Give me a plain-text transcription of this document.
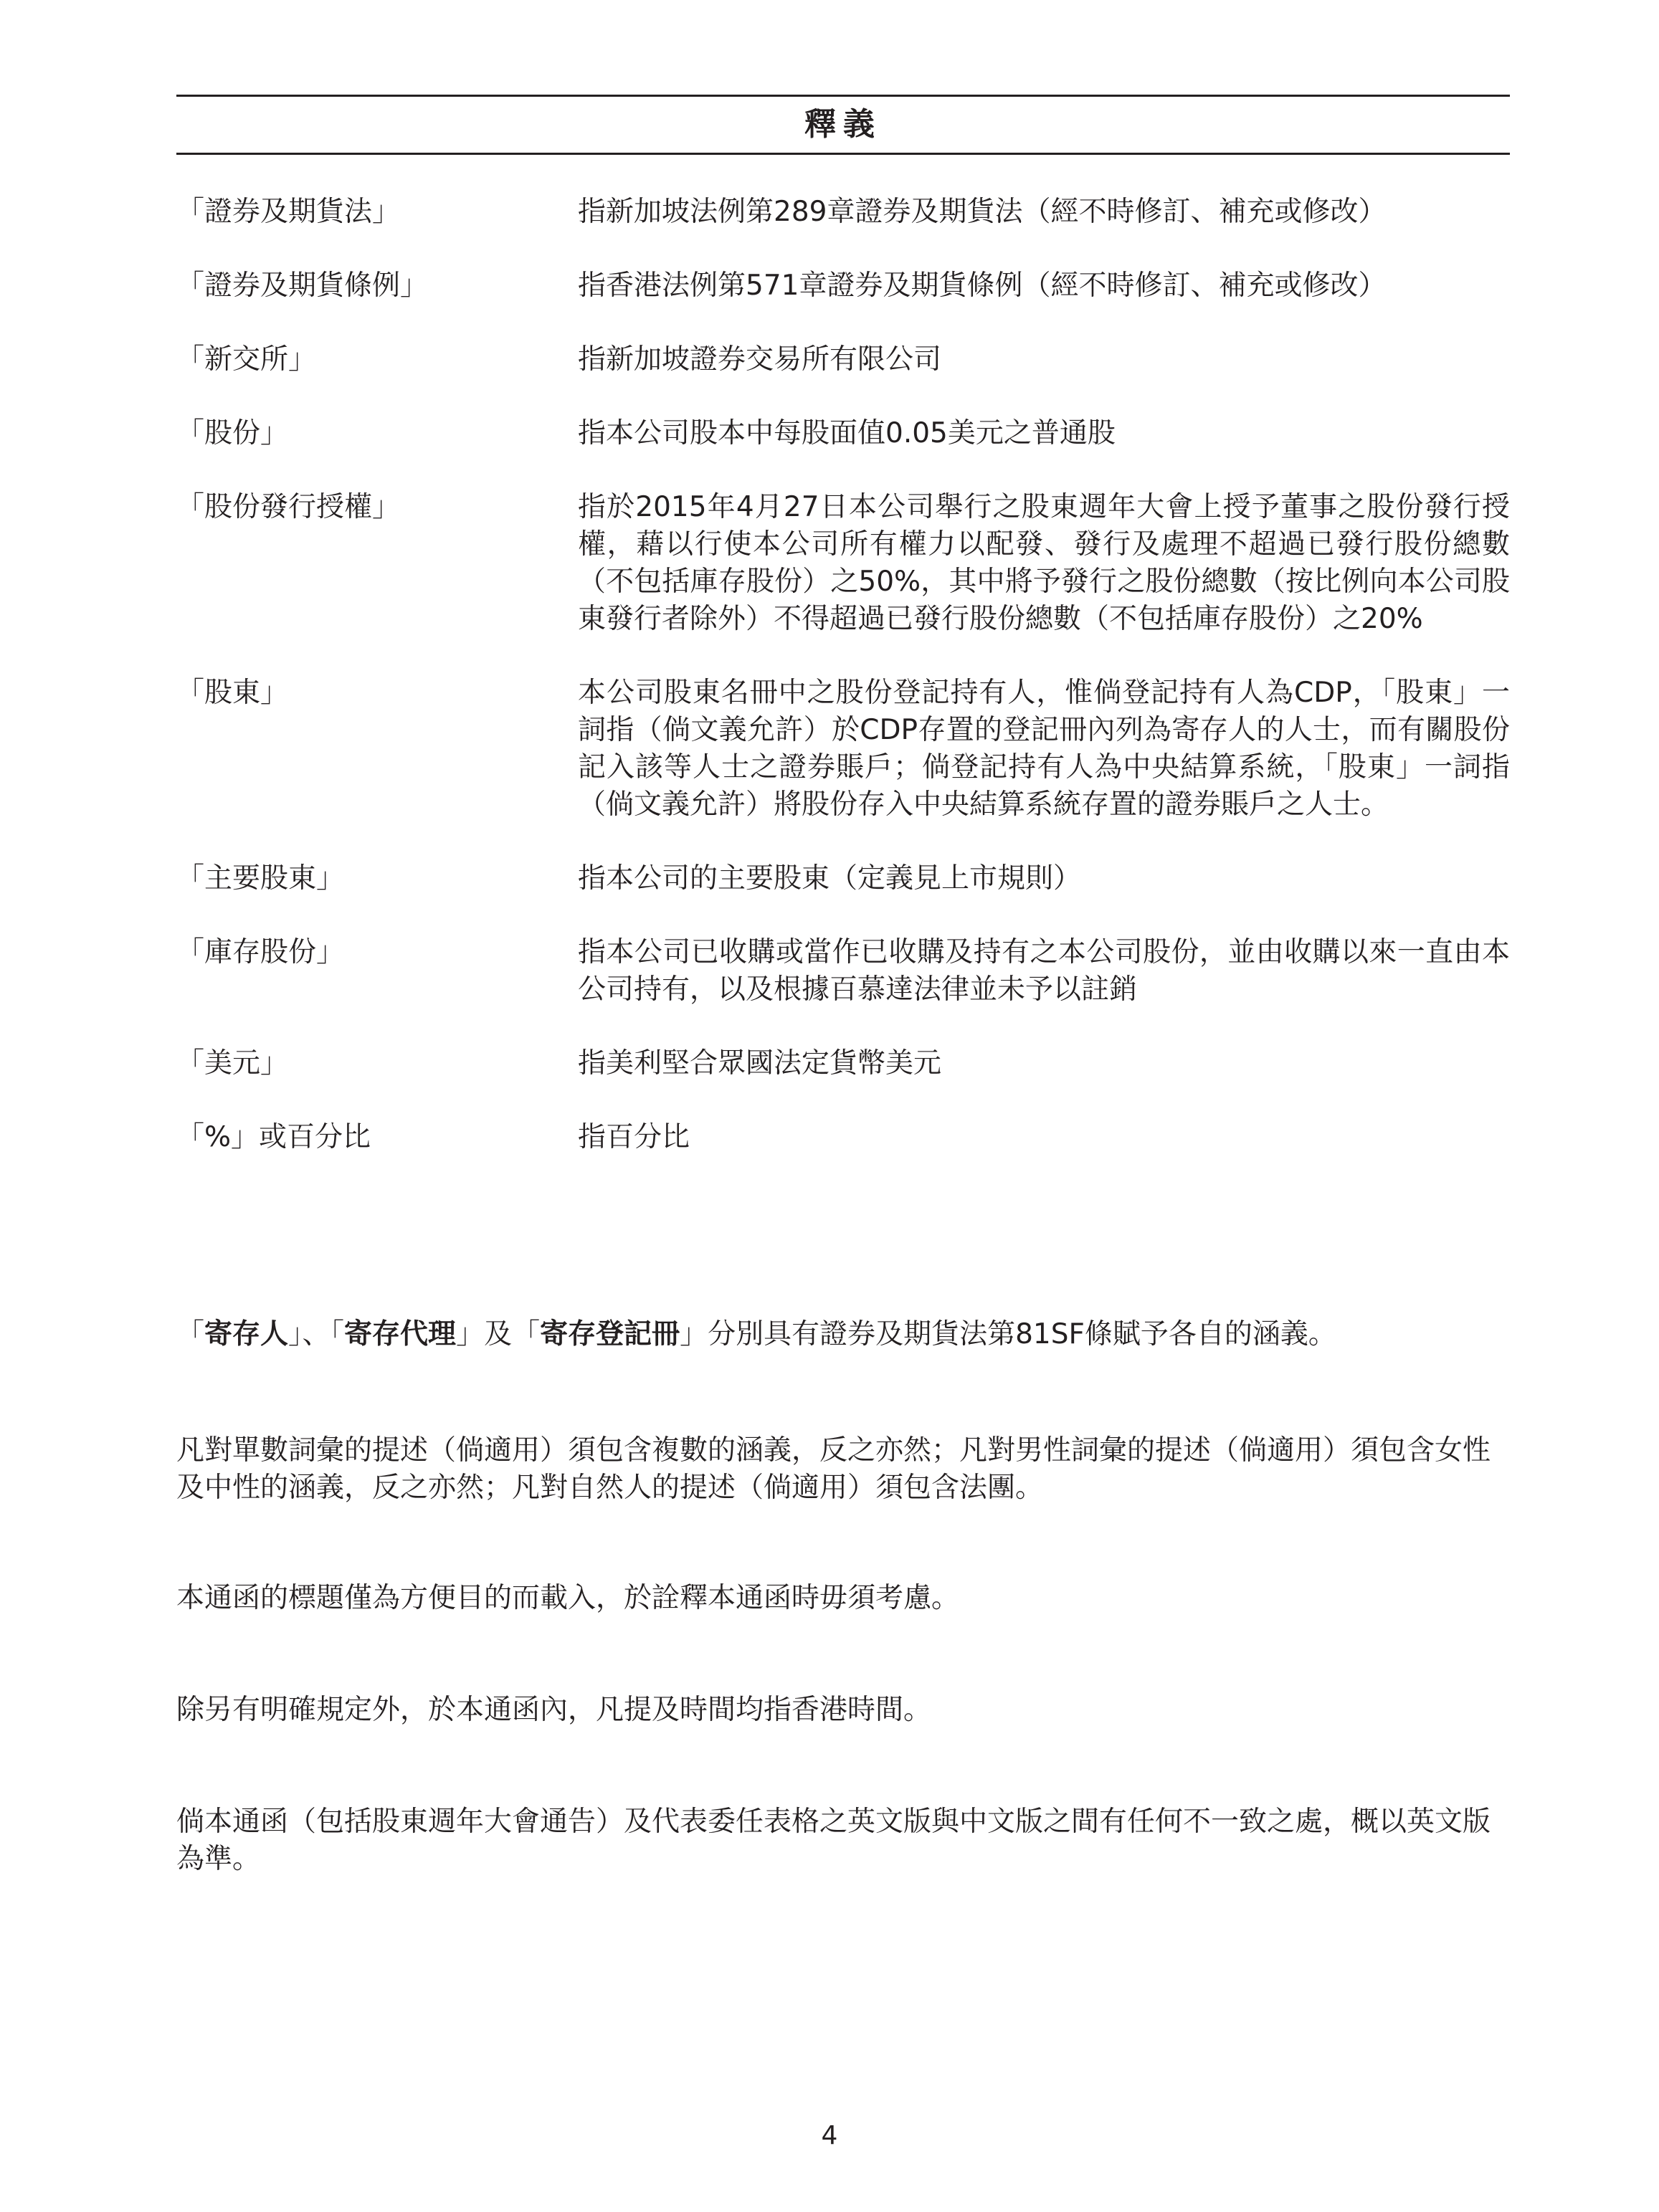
釋義
「證券及期貨法」	指新加坡法例第289章證券及期貨法（經不時修訂、補充或修改）
「證券及期貨條例」	指香港法例第571章證券及期貨條例（經不時修訂、補充或修改）
「新交所」	指新加坡證券交易所有限公司
「股份」	指本公司股本中每股面值0.05美元之普通股
「股份發行授權」	指於2015年4月27日本公司舉行之股東週年大會上授予董事之股份發行授權，藉以行使本公司所有權力以配發、發行及處理不超過已發行股份總數（不包括庫存股份）之50%，其中將予發行之股份總數（按比例向本公司股東發行者除外）不得超過已發行股份總數（不包括庫存股份）之20%
「股東」	本公司股東名冊中之股份登記持有人，惟倘登記持有人為CDP，「股東」一詞指（倘文義允許）於CDP存置的登記冊內列為寄存人的人士，而有關股份記入該等人士之證券賬戶；倘登記持有人為中央結算系統，「股東」一詞指（倘文義允許）將股份存入中央結算系統存置的證券賬戶之人士。
「主要股東」	指本公司的主要股東（定義見上市規則）
「庫存股份」	指本公司已收購或當作已收購及持有之本公司股份，並由收購以來一直由本公司持有，以及根據百慕達法律並未予以註銷
「美元」	指美利堅合眾國法定貨幣美元
「%」或百分比	指百分比
「寄存人」、「寄存代理」及「寄存登記冊」分別具有證券及期貨法第81SF條賦予各自的涵義。
凡對單數詞彙的提述（倘適用）須包含複數的涵義，反之亦然；凡對男性詞彙的提述（倘適用）須包含女性及中性的涵義，反之亦然；凡對自然人的提述（倘適用）須包含法團。
本通函的標題僅為方便目的而載入，於詮釋本通函時毋須考慮。
除另有明確規定外，於本通函內，凡提及時間均指香港時間。
倘本通函（包括股東週年大會通告）及代表委任表格之英文版與中文版之間有任何不一致之處，概以英文版為準。
4
